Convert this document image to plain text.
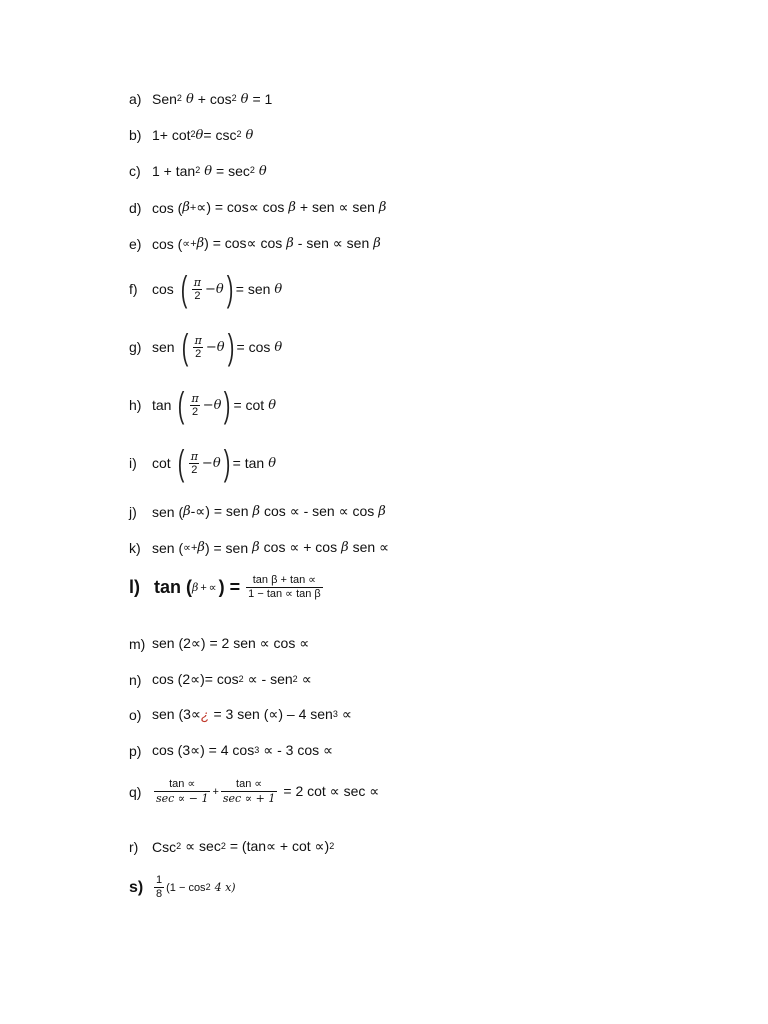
a) Sen$^2$ $\theta + \cos^2 \theta = 1$
b) $1+ \cot^2 \theta = \csc^2 \theta$
c) $1 + \tan^2 \theta = \sec^2 \theta$
d) cos ( β + ∝ ) = cos∝ cos β + sen ∝ sen β
e) cos ( ∝ + β ) = cos∝ cos β - sen ∝ sen β
f)	cos ( $\frac{\pi}{2} -\theta$ ) = sen θ
g) sen ( $\frac{\pi}{2} -\theta$ ) = cos θ
h) tan ( $\frac{\pi}{2} -\theta$ ) = cot θ
i)	cot ( $\frac{\pi}{2} -\theta$ ) = tan θ
j)	sen ( β -∝) = sen β cos ∝ - sen ∝ cos β
k) sen ( ∝ + β ) = sen β cos ∝ + cos β sen ∝
l) tan ( β + ∝ ) = $\frac{\text{tan β + tan ∝}}{\text{1 − tan ∝ tan β}}$
m) sen (2∝) = 2 sen ∝ cos ∝
n) $\cos (2\propto)= \cos^2$ ∝ - sen$^2$ ∝
o) sen (3∝ ¿ = 3 sen (∝) – 4 sen$^3$ ∝
p) cos (3∝) = 4 $\cos^3$ ∝ - 3 cos ∝
q)	$\frac{\tan \propto}{\sec \propto - 1} + \frac{\tan \propto}{\sec \propto + 1} = 2$ cot ∝ sec ∝
r) $Csc^2 \propto \sec^2 = (\tan\propto + \cot \propto)^2$
$s) \frac{1}{8} (1 - \cos^2 4$ x)
